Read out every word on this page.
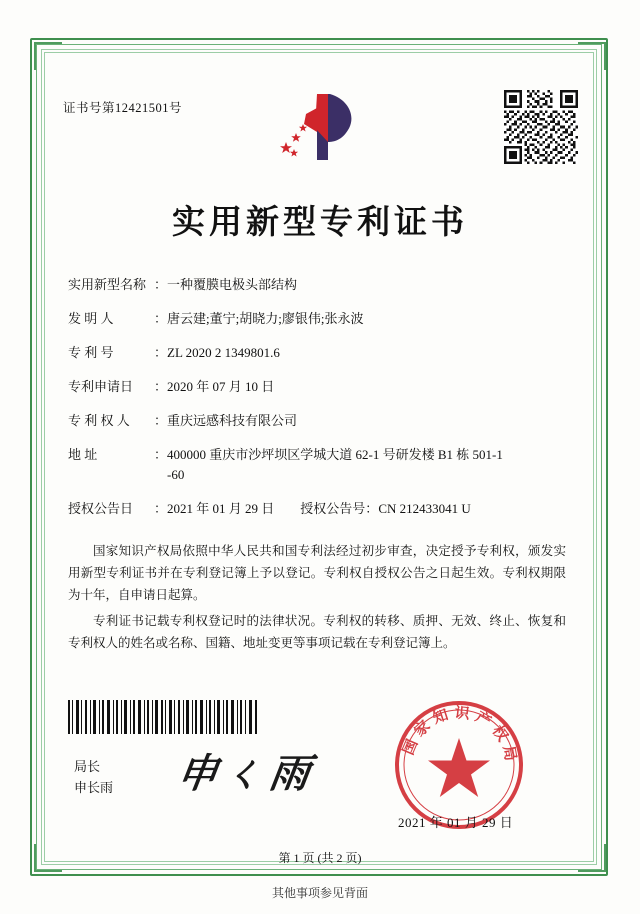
证书号第12421501号
实用新型专利证书
实用新型名称 ： 一种覆膜电极头部结构
发 明 人	： 唐云建;董宁;胡晓力;廖银伟;张永波
专 利 号	： ZL 2020 2 1349801.6
专利申请日	： 2020 年 07 月 10 日
专 利 权 人	： 重庆远感科技有限公司
地 址	： 400000 重庆市沙坪坝区学城大道 62-1 号研发楼 B1 栋 501-1
-60
授权公告日	： 2021 年 01 月 29 日 授权公告号 ： CN 212433041 U

国家知识产权局依照中华人民共和国专利法经过初步审查，决定授予专利权，颁发实用新型专利证书并在专利登记簿上予以登记。专利权自授权公告之日起生效。专利权期限为十年，自申请日起算。

专利证书记载专利权登记时的法律状况。专利权的转移、质押、无效、终止、恢复和专利权人的姓名或名称、国籍、地址变更等事项记载在专利登记簿上。

局长
申长雨 申ㄑ雨
国家知识产权局
2021 年 01 月 29 日
第 1 页 (共 2 页)
其他事项参见背面
